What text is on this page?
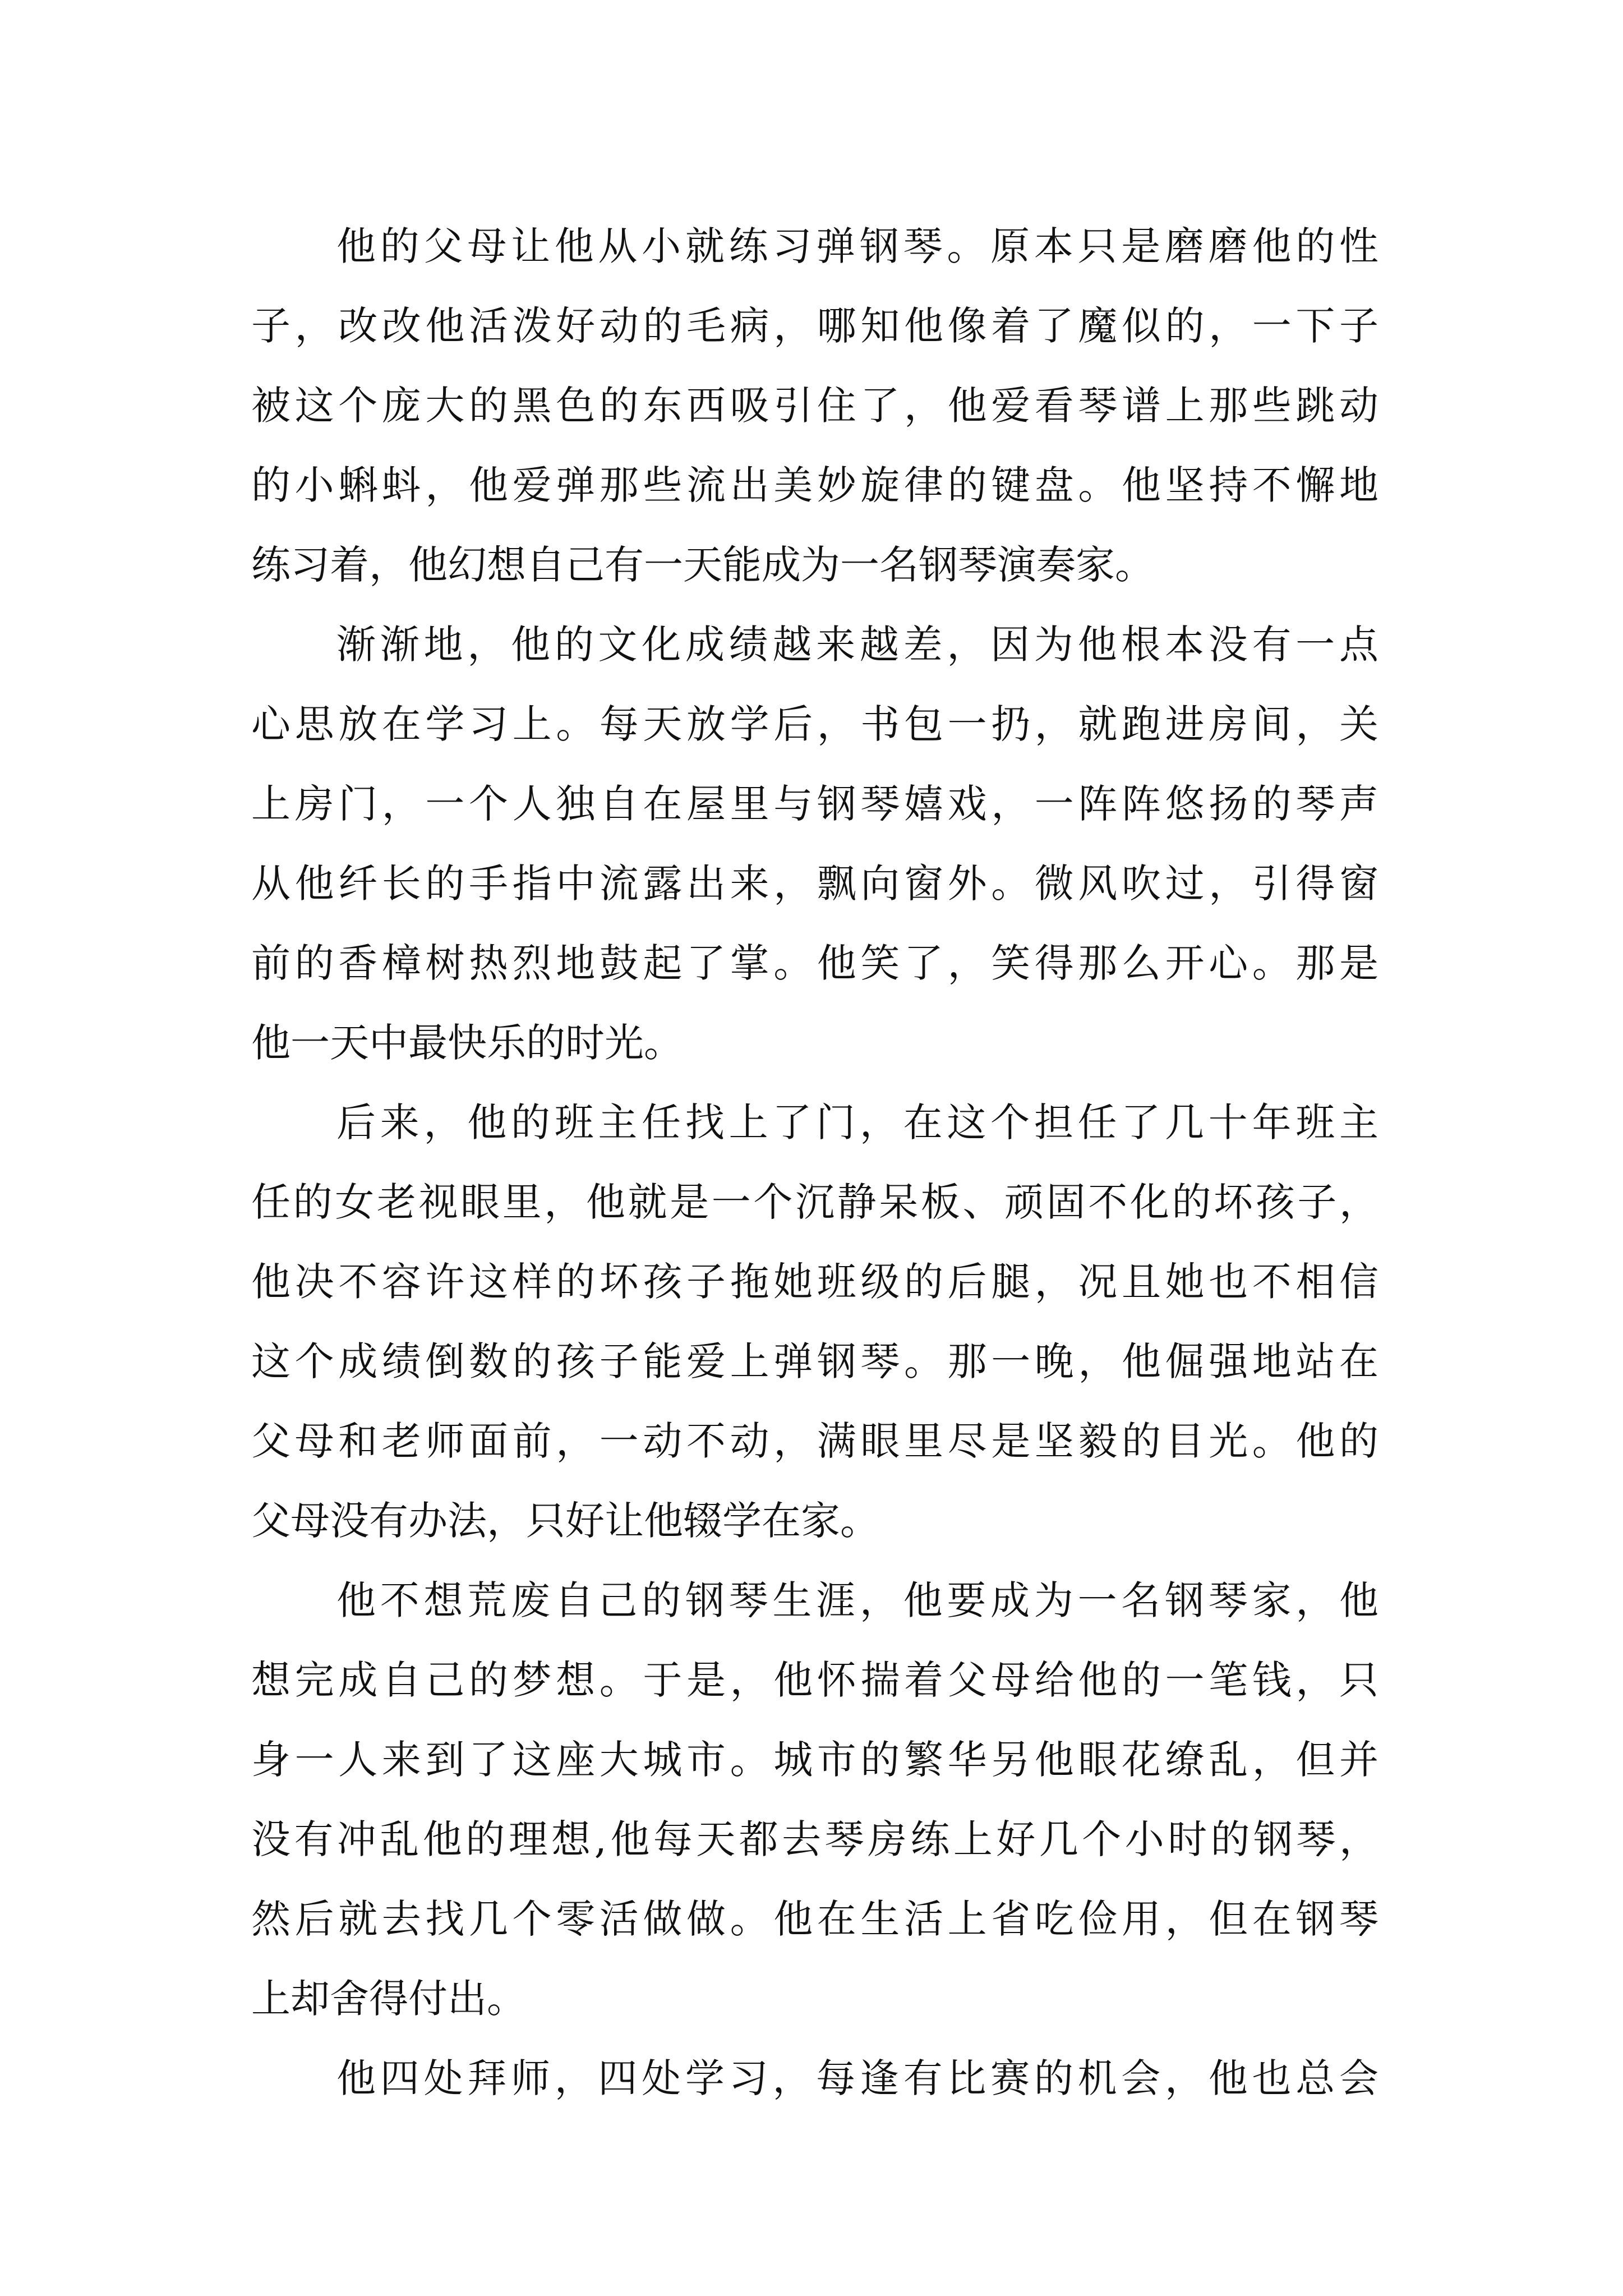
他的父母让他从小就练习弹钢琴。原本只是磨磨他的性

子，改改他活泼好动的毛病，哪知他像着了魔似的，一下子

被这个庞大的黑色的东西吸引住了，他爱看琴谱上那些跳动

的小蝌蚪，他爱弹那些流出美妙旋律的键盘。他坚持不懈地

练习着，他幻想自己有一天能成为一名钢琴演奏家。

渐渐地，他的文化成绩越来越差，因为他根本没有一点

心思放在学习上。每天放学后，书包一扔，就跑进房间，关

上房门，一个人独自在屋里与钢琴嬉戏，一阵阵悠扬的琴声

从他纤长的手指中流露出来，飘向窗外。微风吹过，引得窗

前的香樟树热烈地鼓起了掌。他笑了，笑得那么开心。那是

他一天中最快乐的时光。

后来，他的班主任找上了门，在这个担任了几十年班主

任的女老视眼里，他就是一个沉静呆板、顽固不化的坏孩子，

他决不容许这样的坏孩子拖她班级的后腿，况且她也不相信

这个成绩倒数的孩子能爱上弹钢琴。那一晚，他倔强地站在

父母和老师面前，一动不动，满眼里尽是坚毅的目光。他的

父母没有办法，只好让他辍学在家。

他不想荒废自己的钢琴生涯，他要成为一名钢琴家，他

想完成自己的梦想。于是，他怀揣着父母给他的一笔钱，只

身一人来到了这座大城市。城市的繁华另他眼花缭乱，但并

没有冲乱他的理想,他每天都去琴房练上好几个小时的钢琴，

然后就去找几个零活做做。他在生活上省吃俭用，但在钢琴

上却舍得付出。

他四处拜师，四处学习，每逢有比赛的机会，他也总会
